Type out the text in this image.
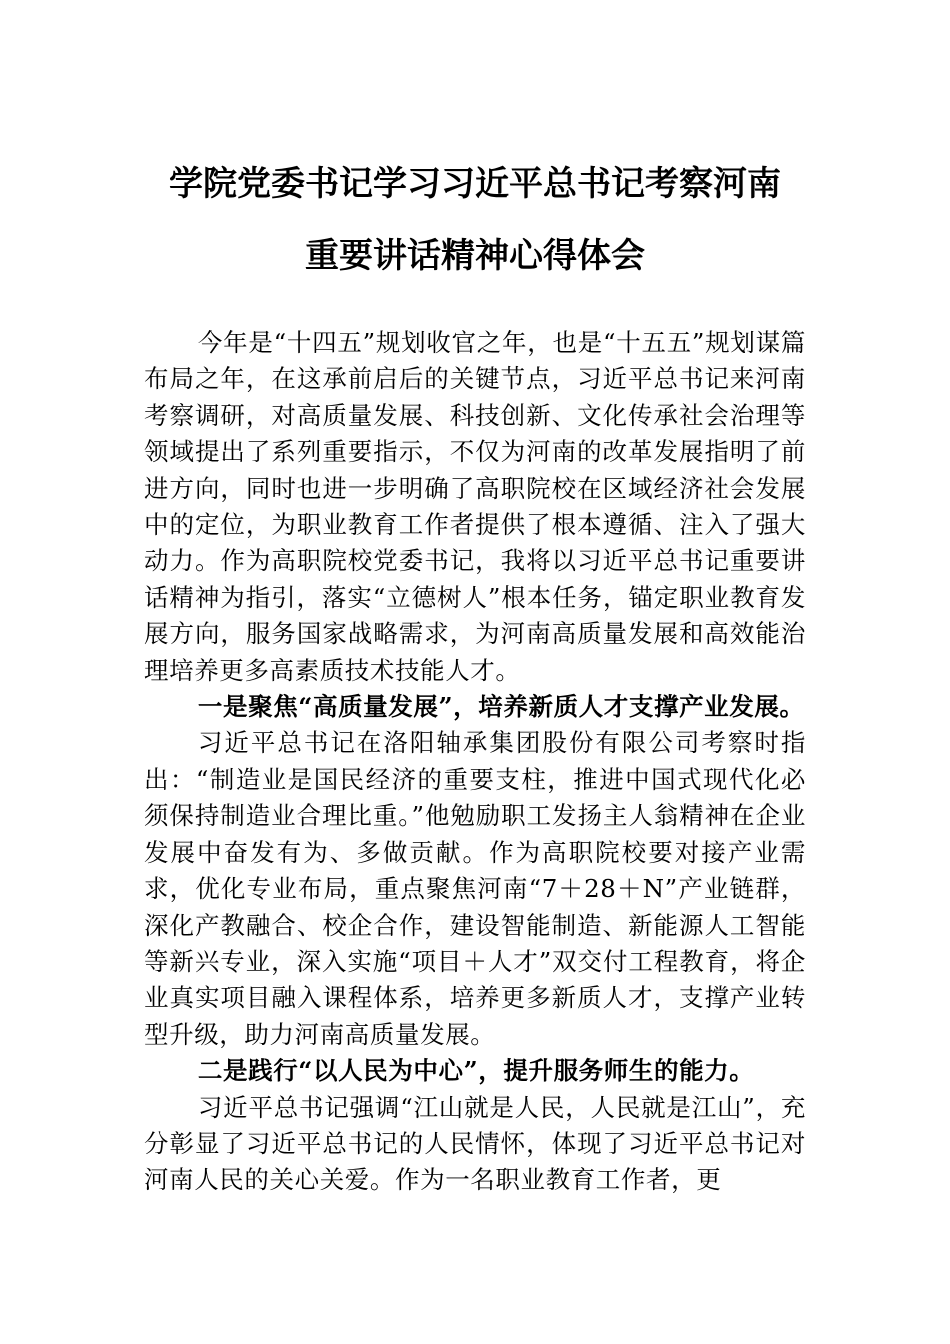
学院党委书记学习习近平总书记考察河南
重要讲话精神心得体会

今年是“十四五”规划收官之年，也是“十五五”规划谋篇布局之年，在这承前启后的关键节点，习近平总书记来河南考察调研，对高质量发展、科技创新、文化传承社会治理等领域提出了系列重要指示，不仅为河南的改革发展指明了前进方向，同时也进一步明确了高职院校在区域经济社会发展中的定位，为职业教育工作者提供了根本遵循、注入了强大动力。作为高职院校党委书记，我将以习近平总书记重要讲话精神为指引，落实“立德树人”根本任务，锚定职业教育发展方向，服务国家战略需求，为河南高质量发展和高效能治理培养更多高素质技术技能人才。

一是聚焦“高质量发展”，培养新质人才支撑产业发展。

习近平总书记在洛阳轴承集团股份有限公司考察时指出：“制造业是国民经济的重要支柱，推进中国式现代化必须保持制造业合理比重。”他勉励职工发扬主人翁精神在企业发展中奋发有为、多做贡献。作为高职院校要对接产业需求，优化专业布局，重点聚焦河南“7＋28＋N”产业链群，深化产教融合、校企合作，建设智能制造、新能源人工智能等新兴专业，深入实施“项目＋人才”双交付工程教育，将企业真实项目融入课程体系，培养更多新质人才，支撑产业转型升级，助力河南高质量发展。

二是践行“以人民为中心”，提升服务师生的能力。

习近平总书记强调“江山就是人民，人民就是江山”，充分彰显了习近平总书记的人民情怀，体现了习近平总书记对河南人民的关心关爱。作为一名职业教育工作者，更
